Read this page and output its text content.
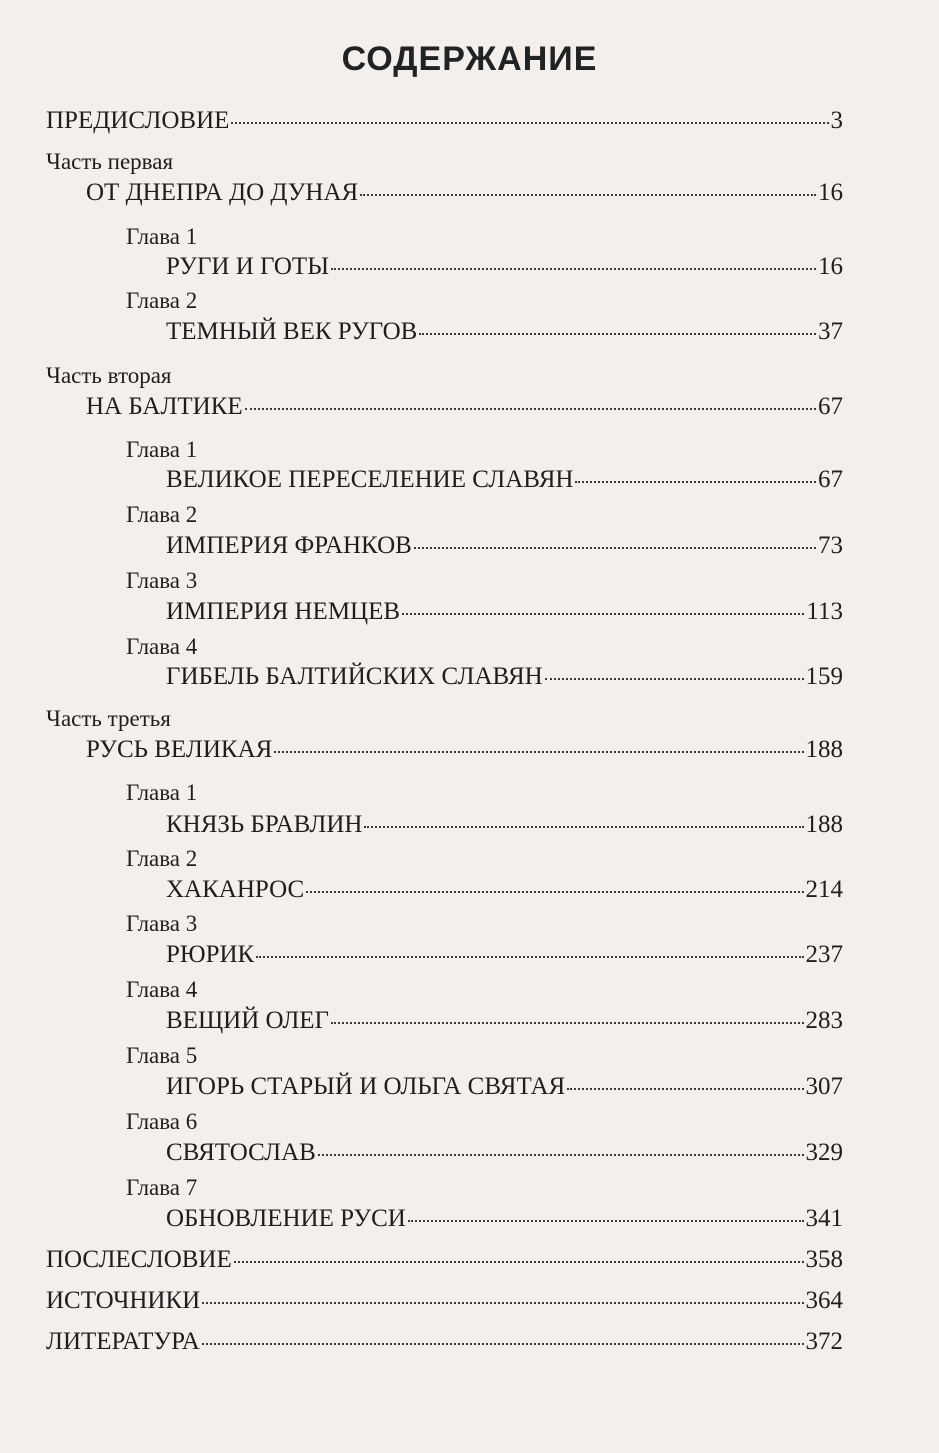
СОДЕРЖАНИЕ
ПРЕДИСЛОВИЕ	3
Часть первая
ОТ ДНЕПРА ДО ДУНАЯ	16
Глава 1
РУГИ И ГОТЫ	16
Глава 2
ТЕМНЫЙ ВЕК РУГОВ	37
Часть вторая
НА БАЛТИКЕ	67
Глава 1
ВЕЛИКОЕ ПЕРЕСЕЛЕНИЕ СЛАВЯН	67
Глава 2
ИМПЕРИЯ ФРАНКОВ	73
Глава 3
ИМПЕРИЯ НЕМЦЕВ	113
Глава 4
ГИБЕЛЬ БАЛТИЙСКИХ СЛАВЯН	159
Часть третья
РУСЬ ВЕЛИКАЯ	188
Глава 1
КНЯЗЬ БРАВЛИН	188
Глава 2
ХАКАНРОС	214
Глава 3
РЮРИК	237
Глава 4
ВЕЩИЙ ОЛЕГ	283
Глава 5
ИГОРЬ СТАРЫЙ И ОЛЬГА СВЯТАЯ	307
Глава 6
СВЯТОСЛАВ	329
Глава 7
ОБНОВЛЕНИЕ РУСИ	341
ПОСЛЕСЛОВИЕ	358
ИСТОЧНИКИ	364
ЛИТЕРАТУРА	372
